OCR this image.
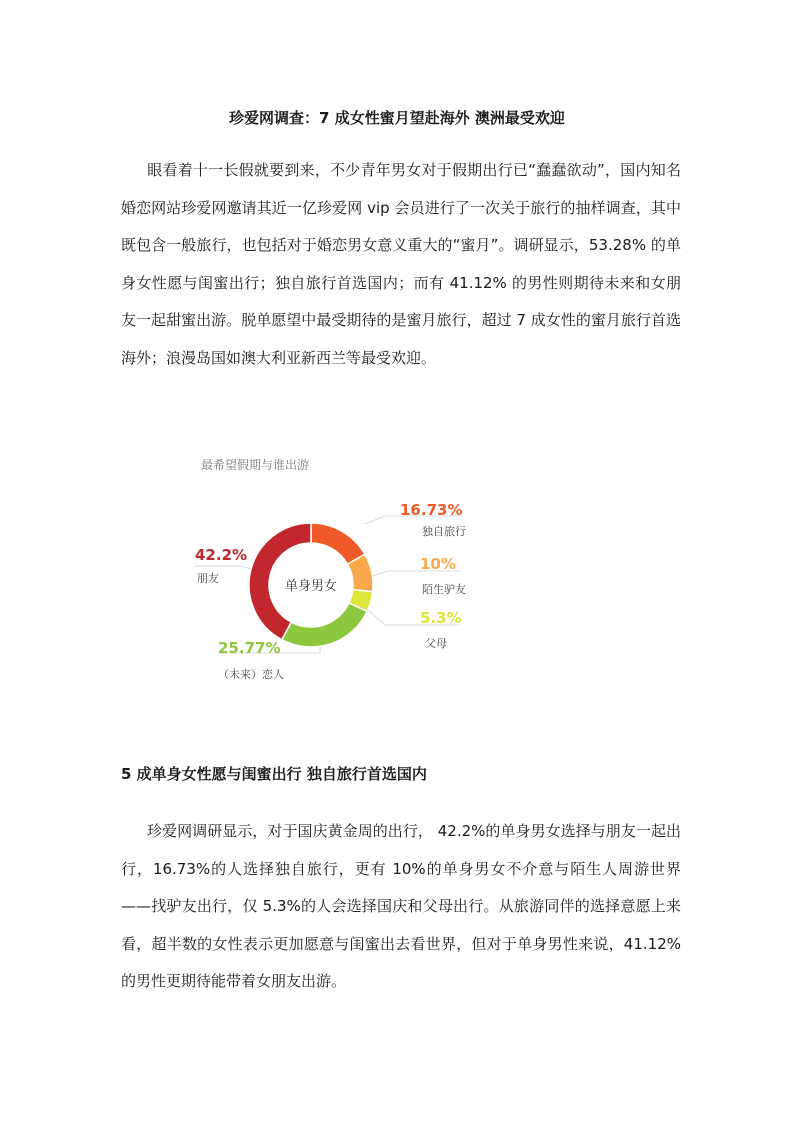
珍爱网调查：7 成女性蜜月望赴海外 澳洲最受欢迎

眼看着十一长假就要到来，不少青年男女对于假期出行已“蠢蠢欲动”，国内知名婚恋网站珍爱网邀请其近一亿珍爱网 vip 会员进行了一次关于旅行的抽样调查，其中既包含一般旅行，也包括对于婚恋男女意义重大的“蜜月”。调研显示，53.28% 的单身女性愿与闺蜜出行；独自旅行首选国内；而有 41.12% 的男性则期待未来和女朋友一起甜蜜出游。脱单愿望中最受期待的是蜜月旅行，超过 7 成女性的蜜月旅行首选海外；浪漫岛国如澳大利亚新西兰等最受欢迎。

最希望假期与谁出游
16.73%
独自旅行
10%
陌生驴友
5.3%
父母
25.77%
（未来）恋人
42.2%
朋友
单身男女
5 成单身女性愿与闺蜜出行 独自旅行首选国内

珍爱网调研显示，对于国庆黄金周的出行， 42.2%的单身男女选择与朋友一起出行，16.73%的人选择独自旅行，更有 10%的单身男女不介意与陌生人周游世界——找驴友出行，仅 5.3%的人会选择国庆和父母出行。从旅游同伴的选择意愿上来看，超半数的女性表示更加愿意与闺蜜出去看世界，但对于单身男性来说，41.12% 的男性更期待能带着女朋友出游。
